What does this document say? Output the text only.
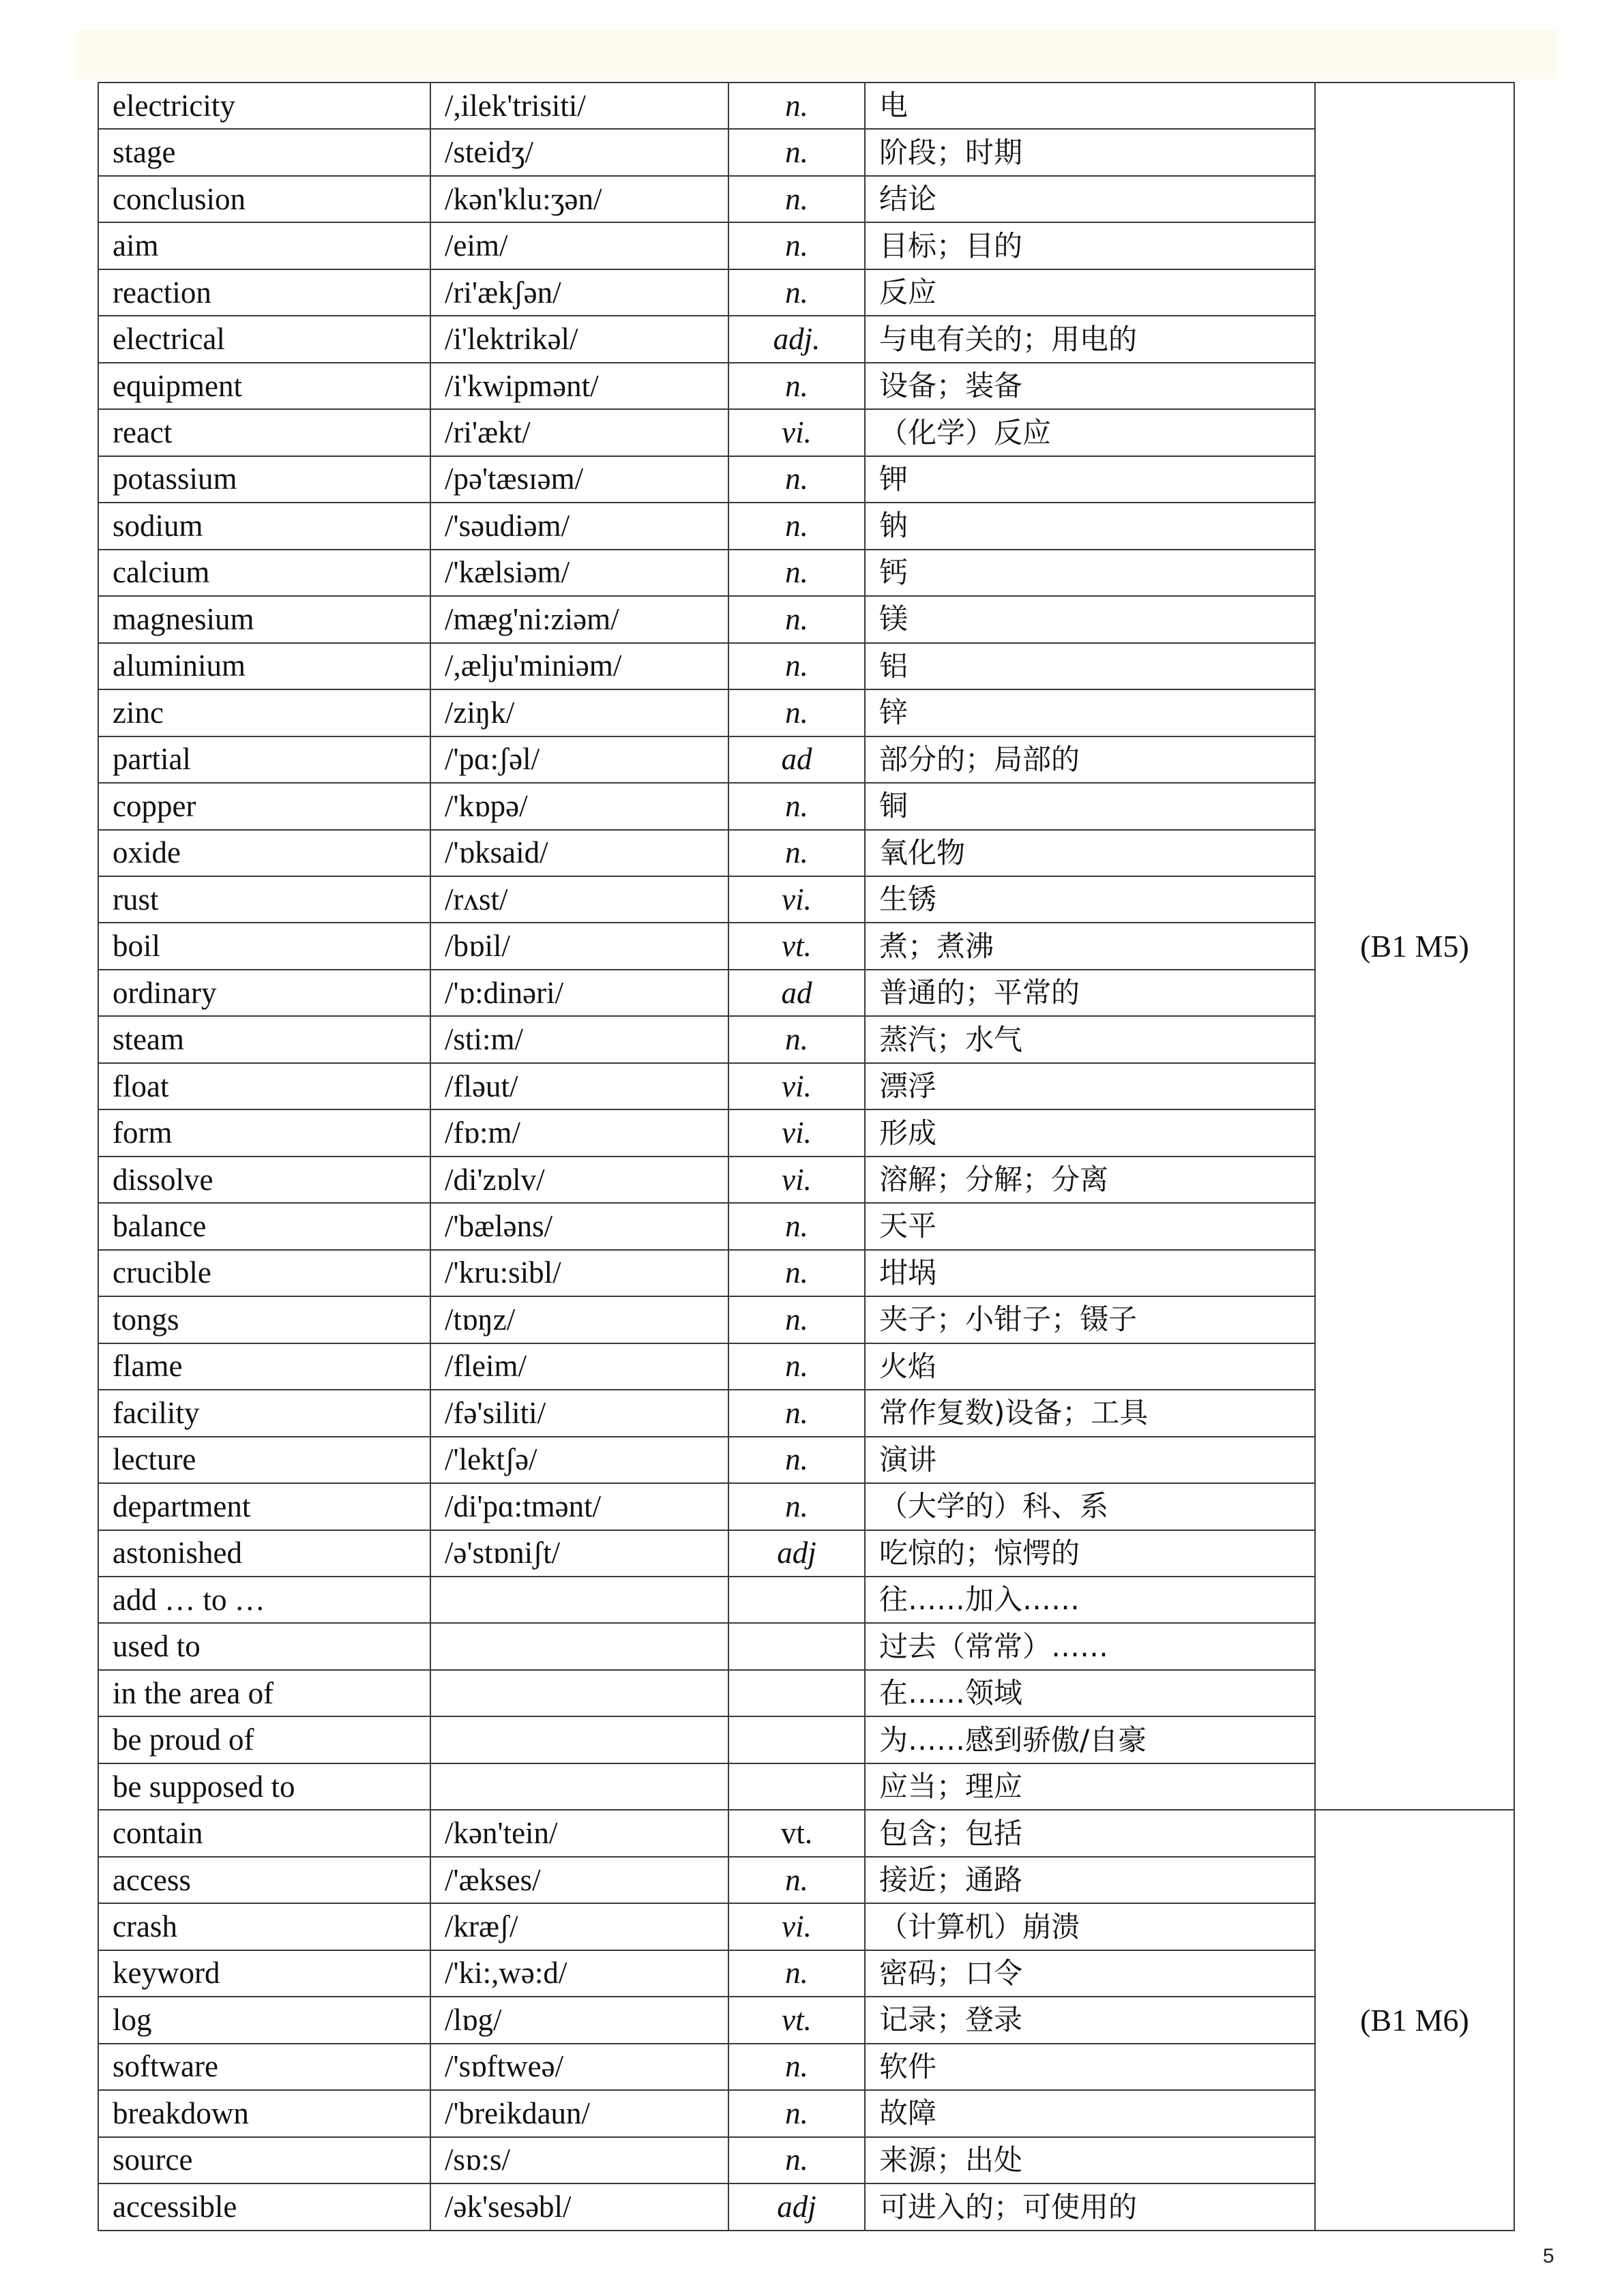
electricity	/,ilek'trisiti/	n.	电	(B1 M5)
stage	/steidʒ/	n.	阶段；时期	
conclusion	/kən'klu:ʒən/	n.	结论	
aim	/eim/	n.	目标；目的	
reaction	/ri'ækʃən/	n.	反应	
electrical	/i'lektrikəl/	adj.	与电有关的；用电的	
equipment	/i'kwipmənt/	n.	设备；装备	
react	/ri'ækt/	vi.	（化学）反应	
potassium	/pə'tæsɪəm/	n.	钾	
sodium	/'səudiəm/	n.	钠	
calcium	/'kælsiəm/	n.	钙	
magnesium	/mæg'ni:ziəm/	n.	镁	
aluminium	/,ælju'miniəm/	n.	铝	
zinc	/ziŋk/	n.	锌	
partial	/'pɑ:ʃəl/	ad	部分的；局部的	
copper	/'kɒpə/	n.	铜	
oxide	/'ɒksaid/	n.	氧化物	
rust	/rʌst/	vi.	生锈	
boil	/bɒil/	vt.	煮；煮沸	
ordinary	/'ɒ:dinəri/	ad	普通的；平常的	
steam	/sti:m/	n.	蒸汽；水气	
float	/fləut/	vi.	漂浮	
form	/fɒ:m/	vi.	形成	
dissolve	/di'zɒlv/	vi.	溶解；分解；分离	
balance	/'bæləns/	n.	天平	
crucible	/'kru:sibl/	n.	坩埚	
tongs	/tɒŋz/	n.	夹子；小钳子；镊子	
flame	/fleim/	n.	火焰	
facility	/fə'siliti/	n.	常作复数)设备；工具	
lecture	/'lektʃə/	n.	演讲	
department	/di'pɑ:tmənt/	n.	（大学的）科、系	
astonished	/ə'stɒniʃt/	adj	吃惊的；惊愕的	
add … to …			往……加入……	
used to			过去（常常）……	
in the area of			在……领域	
be proud of			为……感到骄傲/自豪	
be supposed to			应当；理应	
contain	/kən'tein/	vt.	包含；包括	(B1 M6)
access	/'ækses/	n.	接近；通路	
crash	/kræʃ/	vi.	（计算机）崩溃	
keyword	/'ki:,wə:d/	n.	密码；口令	
log	/lɒg/	vt.	记录；登录	
software	/'sɒftweə/	n.	软件	
breakdown	/'breikdaun/	n.	故障	
source	/sɒ:s/	n.	来源；出处	
accessible	/ək'sesəbl/	adj	可进入的；可使用的	
5
